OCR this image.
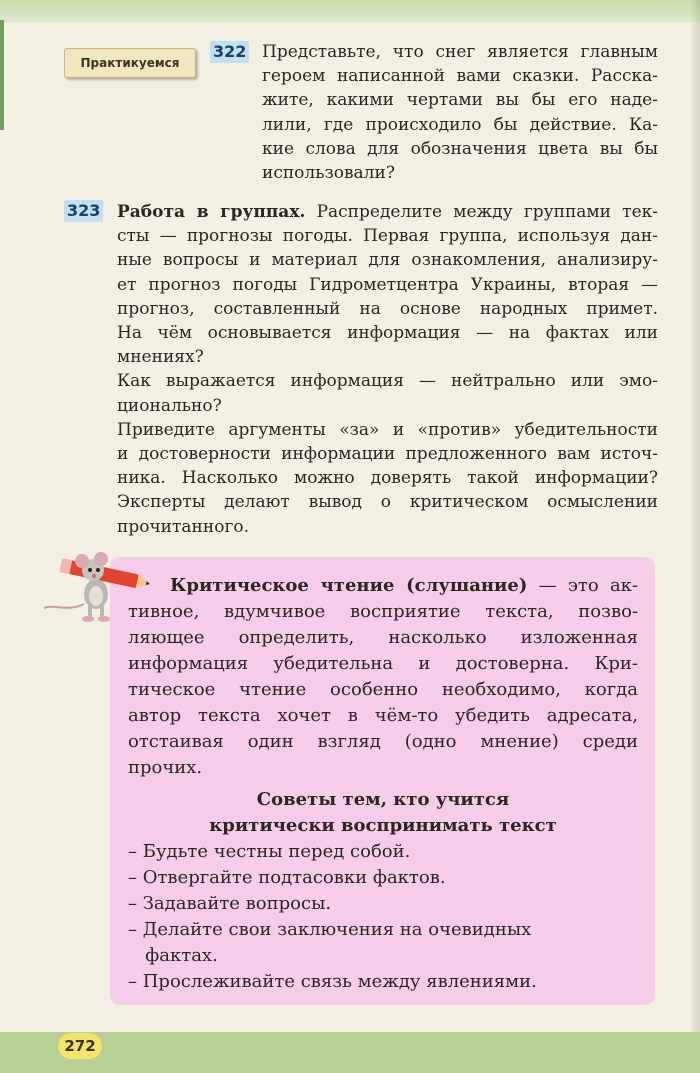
Практикуемся
322 Представьте, что снег является главным
героем написанной вами сказки. Расска-
жите, какими чертами вы бы его наде-
лили, где происходило бы действие. Ка-
кие слова для обозначения цвета вы бы
использовали?
323 Работа в группах. Распределите между группами тек-
сты — прогнозы погоды. Первая группа, используя дан-
ные вопросы и материал для ознакомления, анализиру-
ет прогноз погоды Гидрометцентра Украины, вторая —
прогноз, составленный на основе народных примет.
На чём основывается информация — на фактах или
мнениях?
Как выражается информация — нейтрально или эмо-
ционально?
Приведите аргументы «за» и «против» убедительности
и достоверности информации предложенного вам источ-
ника. Насколько можно доверять такой информации?
Эксперты делают вывод о критическом осмыслении
прочитанного.
Критическое чтение (слушание) — это ак-
тивное, вдумчивое восприятие текста, позво-
ляющее определить, насколько изложенная
информация убедительна и достоверна. Кри-
тическое чтение особенно необходимо, когда
автор текста хочет в чём-то убедить адресата,
отстаивая один взгляд (одно мнение) среди
прочих.
Советы тем, кто учится
критически воспринимать текст
– Будьте честны перед собой.
– Отвергайте подтасовки фактов.
– Задавайте вопросы.
– Делайте свои заключения на очевидных
фактах.
– Прослеживайте связь между явлениями.
272
